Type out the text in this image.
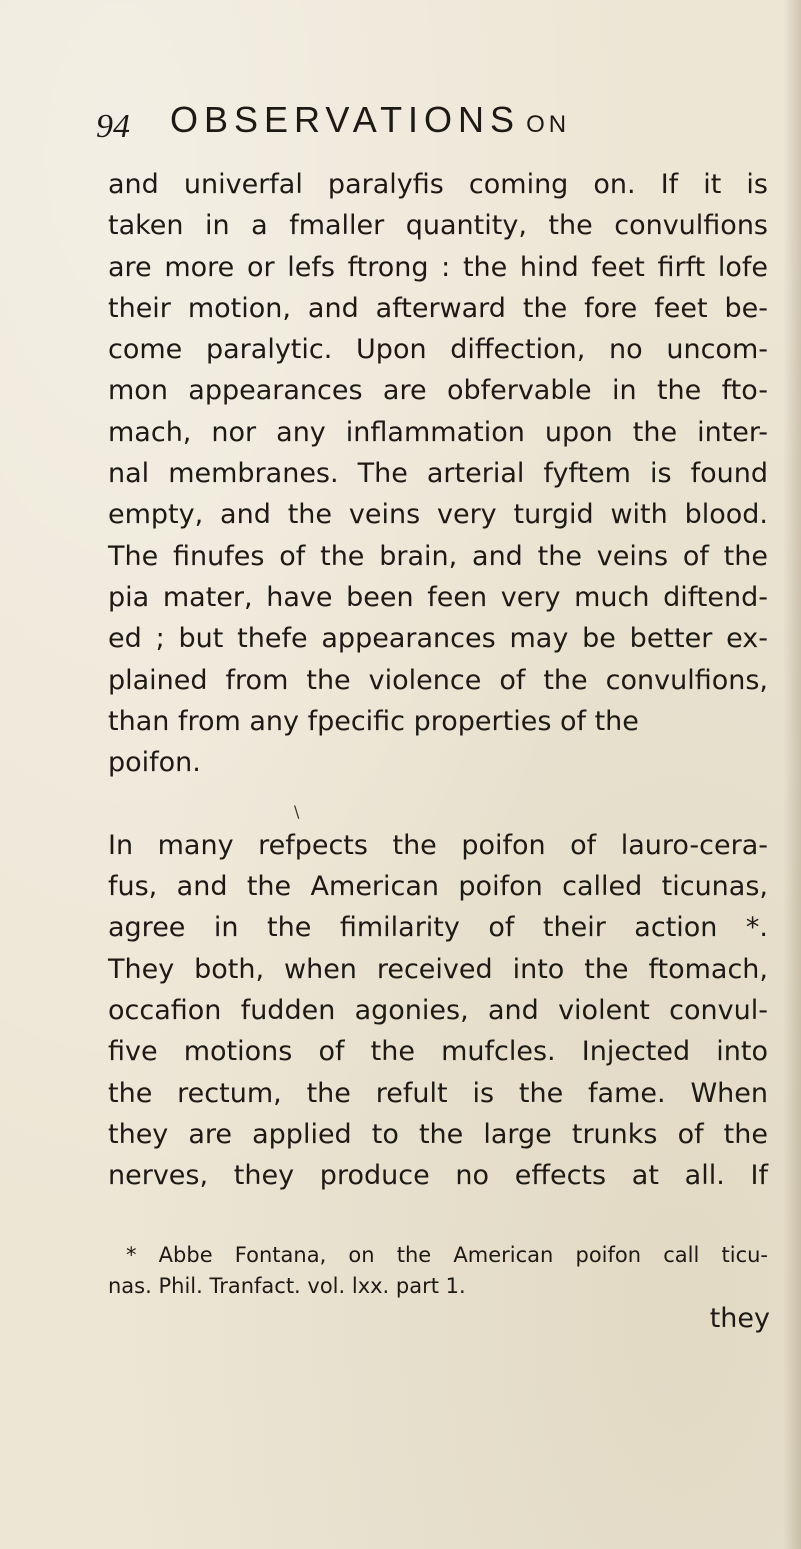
94 OBSERVATIONS ON
and univerfal paralyfis coming on. If it is
taken in a fmaller quantity, the convulfions
are more or lefs ftrong : the hind feet firft lofe
their motion, and afterward the fore feet be-
come paralytic. Upon diffection, no uncom-
mon appearances are obfervable in the fto-
mach, nor any inflammation upon the inter-
nal membranes. The arterial fyftem is found
empty, and the veins very turgid with blood.
The finufes of the brain, and the veins of the
pia mater, have been feen very much diftend-
ed ; but thefe appearances may be better ex-
plained from the violence of the convulfions,
than from any fpecific properties of the
poifon.
\
In many refpects the poifon of lauro-cera-
fus, and the American poifon called ticunas,
agree in the fimilarity of their action *.
They both, when received into the ftomach,
occafion fudden agonies, and violent convul-
five motions of the mufcles. Injected into
the rectum, the refult is the fame. When
they are applied to the large trunks of the
nerves, they produce no effects at all. If
* Abbe Fontana, on the American poifon call ticu-
nas. Phil. Tranfact. vol. lxx. part 1.
they
